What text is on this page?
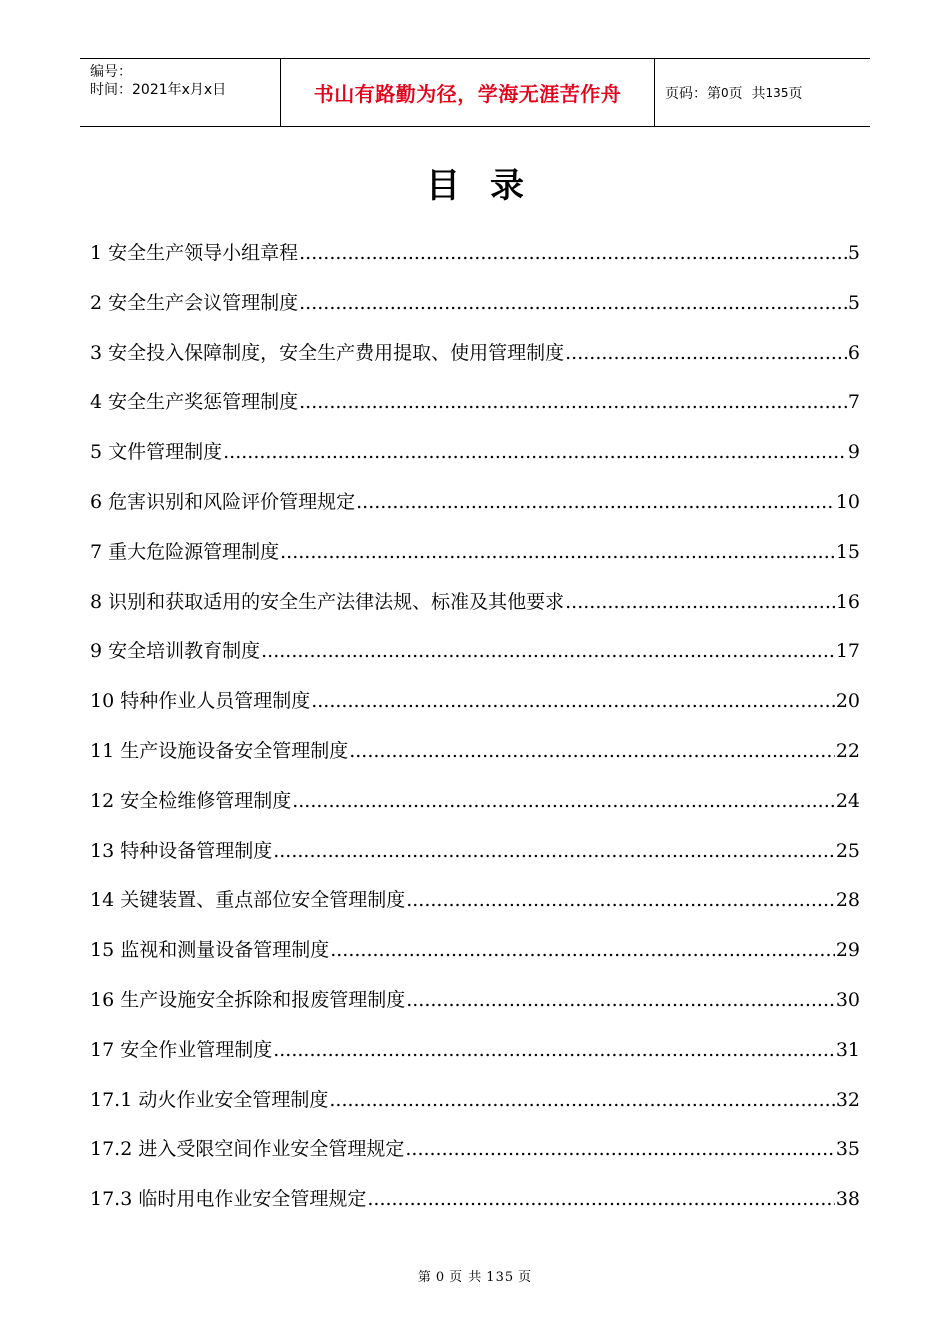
编号：
时间：2021年x月x日	书山有路勤为径，学海无涯苦作舟	页码：第 0 页  共 135 页
目录
1 安全生产领导小组章程 .....	5
2 安全生产会议管理制度 .....	5
3 安全投入保障制度，安全生产费用提取、使用管理制度 .....	6
4 安全生产奖惩管理制度 .....	7
5 文件管理制度 .....	9
6 危害识别和风险评价管理规定 .....	10
7 重大危险源管理制度 .....	15
8 识别和获取适用的安全生产法律法规、标准及其他要求 .....	16
9 安全培训教育制度 .....	17
10 特种作业人员管理制度 .....	20
11 生产设施设备安全管理制度 .....	22
12 安全检维修管理制度 .....	24
13 特种设备管理制度 .....	25
14 关键装置、重点部位安全管理制度 .....	28
15 监视和测量设备管理制度 .....	29
16 生产设施安全拆除和报废管理制度 .....	30
17 安全作业管理制度 .....	31
17.1 动火作业安全管理制度 .....	32
17.2 进入受限空间作业安全管理规定 .....	35
17.3 临时用电作业安全管理规定 .....	38
第 0 页 共 135 页
